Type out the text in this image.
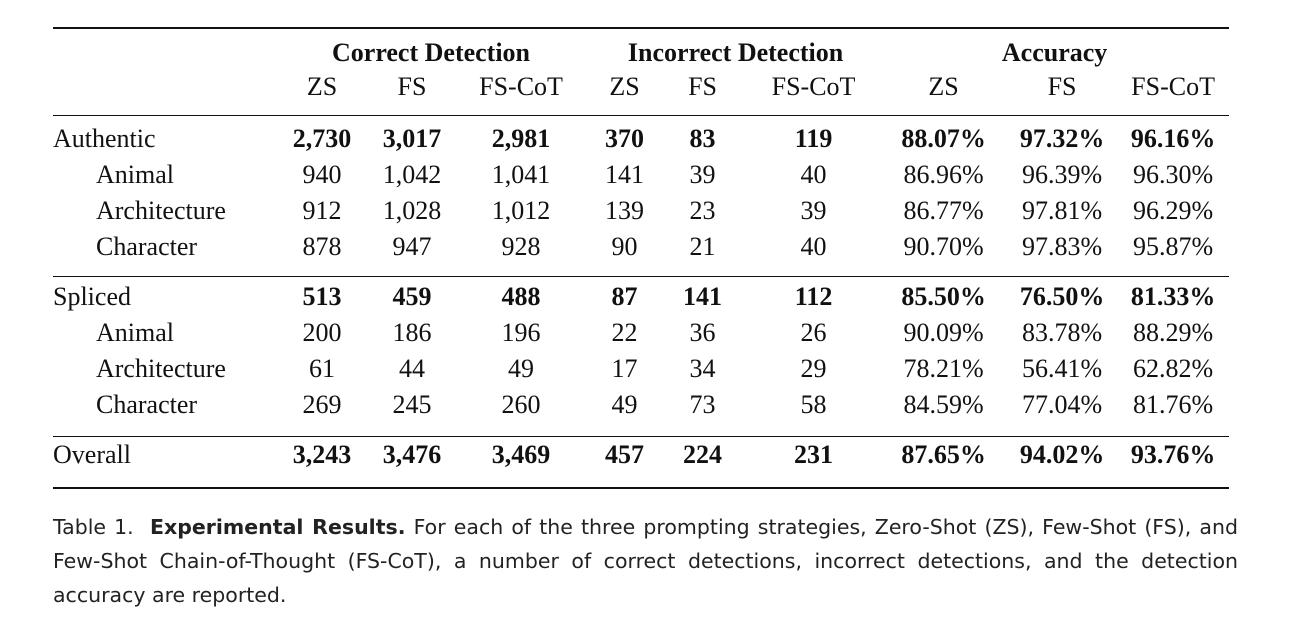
	Correct Detection			Incorrect Detection			Accuracy		
	ZS	FS	FS-CoT	ZS	FS	FS-CoT	ZS	FS	FS-CoT

Authentic	2,730	3,017	2,981	370	83	119	88.07%	97.32%	96.16%
Animal	940	1,042	1,041	141	39	40	86.96%	96.39%	96.30%
Architecture	912	1,028	1,012	139	23	39	86.77%	97.81%	96.29%
Character	878	947	928	90	21	40	90.70%	97.83%	95.87%

Spliced	513	459	488	87	141	112	85.50%	76.50%	81.33%
Animal	200	186	196	22	36	26	90.09%	83.78%	88.29%
Architecture	61	44	49	17	34	29	78.21%	56.41%	62.82%
Character	269	245	260	49	73	58	84.59%	77.04%	81.76%

Overall	3,243	3,476	3,469	457	224	231	87.65%	94.02%	93.76%

Table 1. Experimental Results. For each of the three prompting strategies, Zero-Shot (ZS), Few-Shot (FS), and Few-Shot Chain-of-Thought (FS-CoT), a number of correct detections, incorrect detections, and the detection accuracy are reported.
